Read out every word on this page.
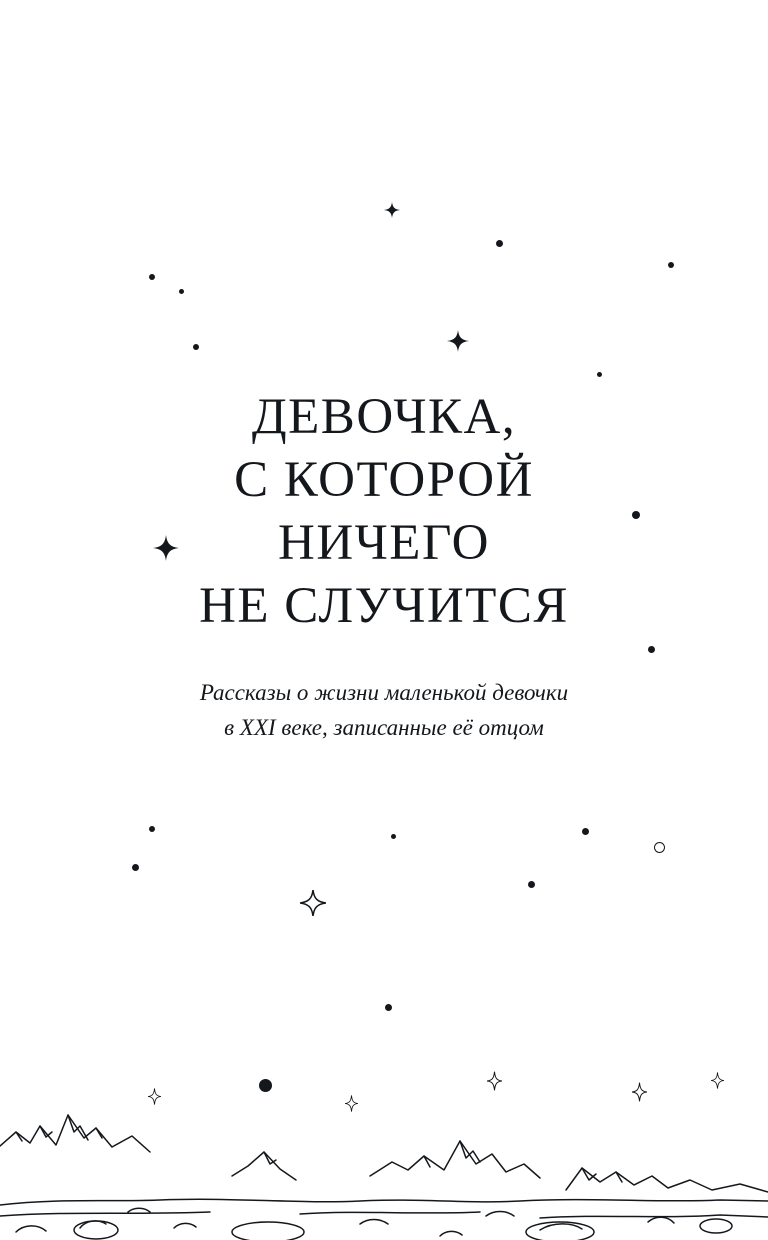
ДЕВОЧКА,
С КОТОРОЙ
НИЧЕГО
НЕ СЛУЧИТСЯ
Рассказы о жизни маленькой девочки
в XXI веке, записанные её отцом
